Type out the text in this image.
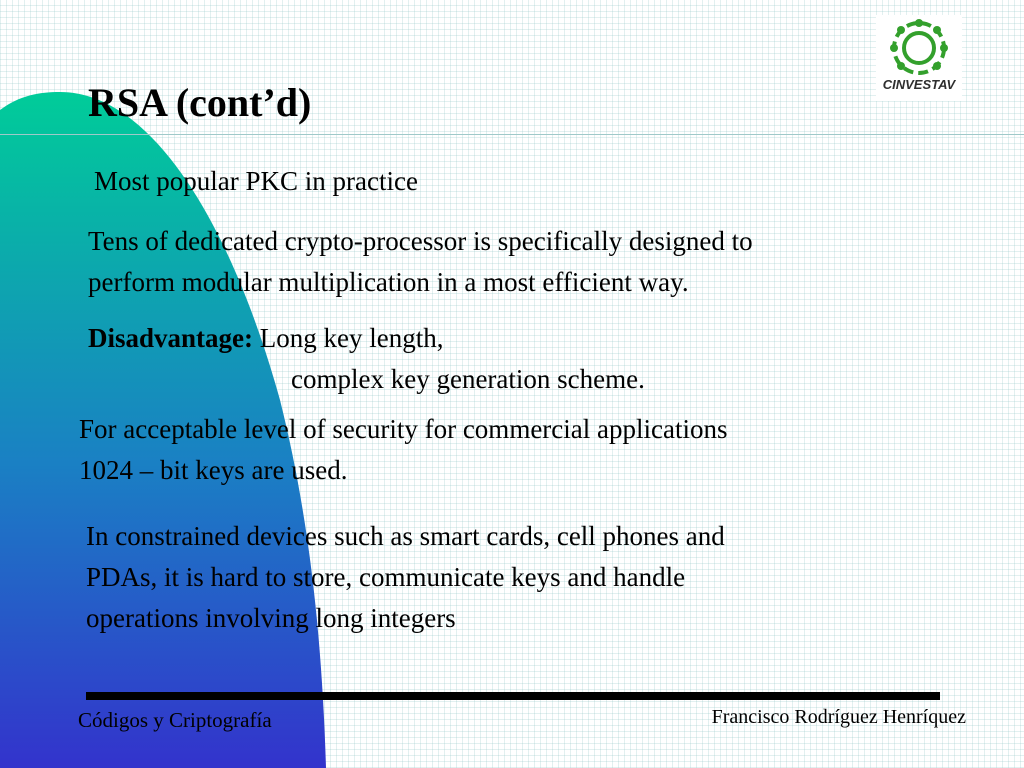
RSA (cont’d)	CINVESTAV

Most popular PKC in practice

Tens of dedicated crypto-processor is specifically designed to

perform modular multiplication in a most efficient way.

Disadvantage: Long key length,

complex key generation scheme.

For acceptable level of security for commercial applications

1024 – bit keys are used.

In constrained devices such as smart cards, cell phones and

PDAs, it is hard to store, communicate keys and handle

operations involving long integers

Códigos y Criptografía	Francisco Rodríguez Henríquez
